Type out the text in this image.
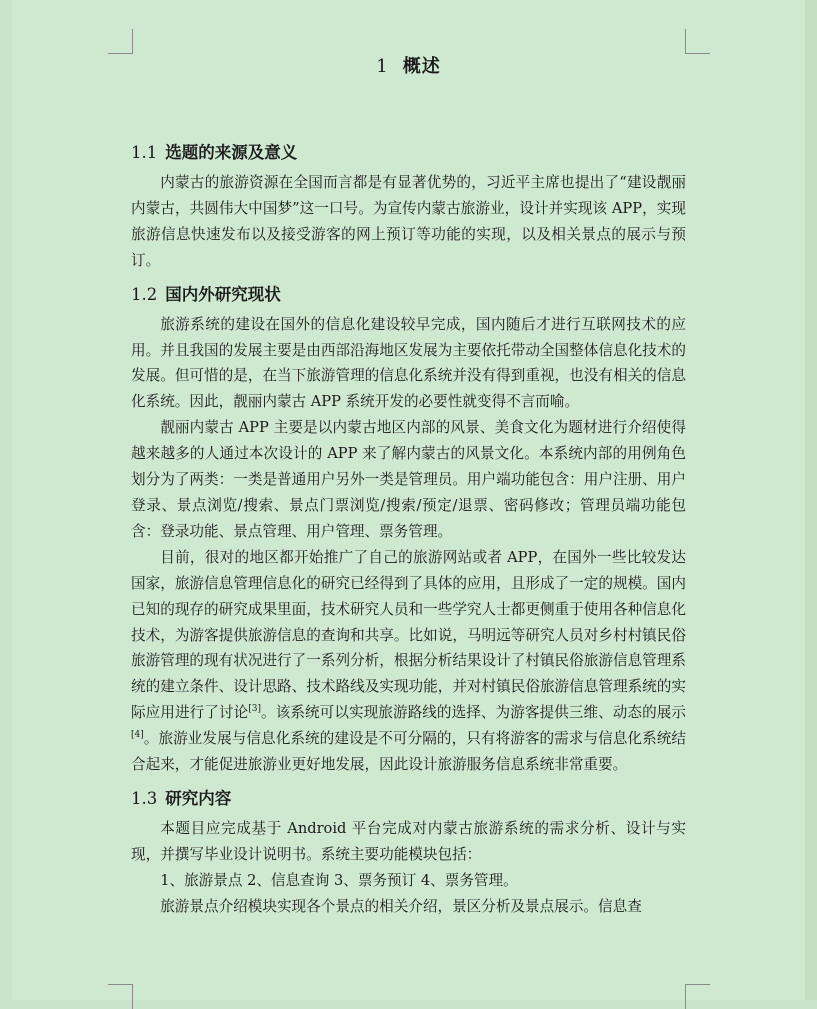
1 概述
1.1 选题的来源及意义

内蒙古的旅游资源在全国而言都是有显著优势的，习近平主席也提出了“建设靓丽内蒙古，共圆伟大中国梦”这一口号。为宣传内蒙古旅游业，设计并实现该 APP，实现旅游信息快速发布以及接受游客的网上预订等功能的实现，以及相关景点的展示与预订。

1.2 国内外研究现状

旅游系统的建设在国外的信息化建设较早完成，国内随后才进行互联网技术的应用。并且我国的发展主要是由西部沿海地区发展为主要依托带动全国整体信息化技术的发展。但可惜的是，在当下旅游管理的信息化系统并没有得到重视，也没有相关的信息化系统。因此，靓丽内蒙古 APP 系统开发的必要性就变得不言而喻。

靓丽内蒙古 APP 主要是以内蒙古地区内部的风景、美食文化为题材进行介绍使得越来越多的人通过本次设计的 APP 来了解内蒙古的风景文化。本系统内部的用例角色划分为了两类：一类是普通用户另外一类是管理员。用户端功能包含：用户注册、用户登录、景点浏览/搜索、景点门票浏览/搜索/预定/退票、密码修改；管理员端功能包含：登录功能、景点管理、用户管理、票务管理。

目前，很对的地区都开始推广了自己的旅游网站或者 APP，在国外一些比较发达国家，旅游信息管理信息化的研究已经得到了具体的应用，且形成了一定的规模。国内已知的现存的研究成果里面，技术研究人员和一些学究人士都更侧重于使用各种信息化技术，为游客提供旅游信息的查询和共享。比如说，马明远等研究人员对乡村村镇民俗旅游管理的现有状况进行了一系列分析，根据分析结果设计了村镇民俗旅游信息管理系统的建立条件、设计思路、技术路线及实现功能，并对村镇民俗旅游信息管理系统的实际应用进行了讨论[3]。该系统可以实现旅游路线的选择、为游客提供三维、动态的展示[4]。旅游业发展与信息化系统的建设是不可分隔的，只有将游客的需求与信息化系统结合起来，才能促进旅游业更好地发展，因此设计旅游服务信息系统非常重要。

1.3 研究内容

本题目应完成基于 Android 平台完成对内蒙古旅游系统的需求分析、设计与实现，并撰写毕业设计说明书。系统主要功能模块包括：

1、旅游景点 2、信息查询 3、票务预订 4、票务管理。

旅游景点介绍模块实现各个景点的相关介绍，景区分析及景点展示。信息查
